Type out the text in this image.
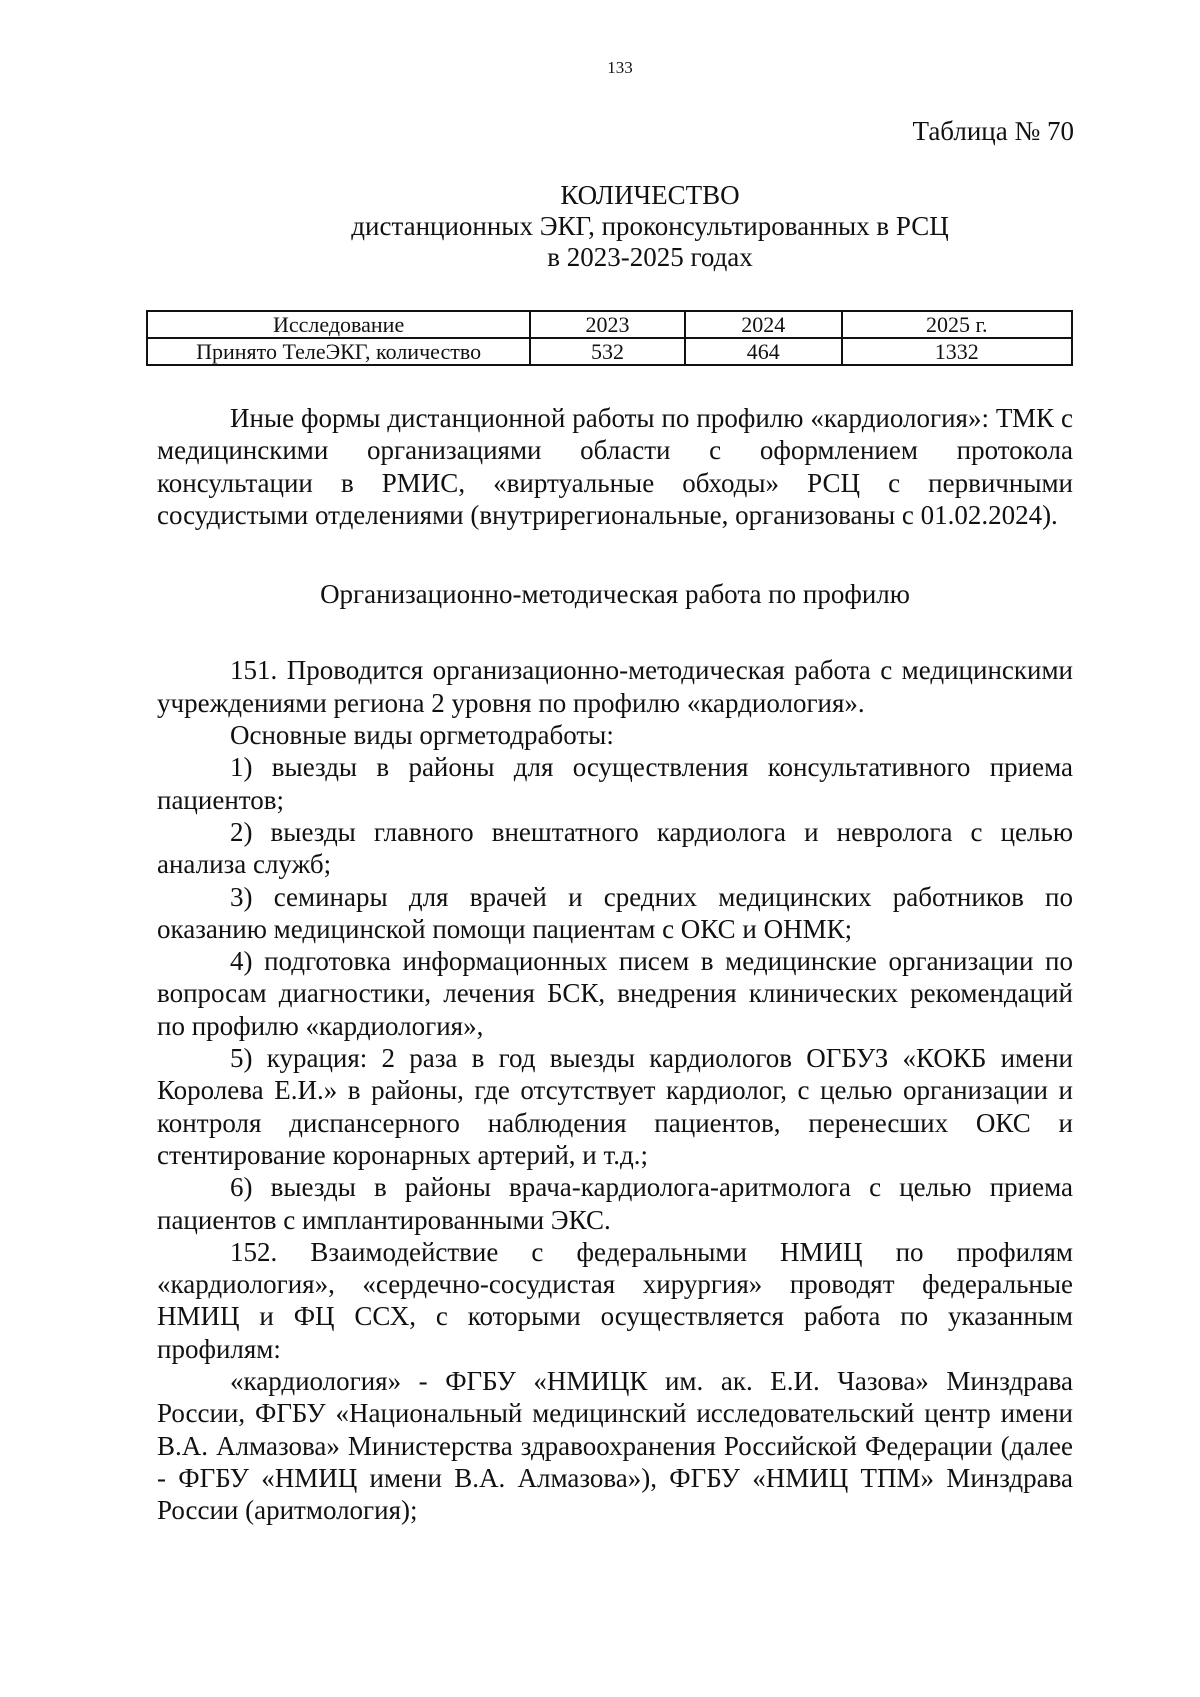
133
Таблица № 70
КОЛИЧЕСТВО
дистанционных ЭКГ, проконсультированных в РСЦ
в 2023-2025 годах
Исследование	2023	2024	2025 г.
Принято ТелеЭКГ, количество	532	464	1332

Иные формы дистанционной работы по профилю «кардиология»: ТМК с медицинскими организациями области с оформлением протокола консультации в РМИС, «виртуальные обходы» РСЦ с первичными сосудистыми отделениями (внутрирегиональные, организованы с 01.02.2024).

Организационно-методическая работа по профилю

151. Проводится организационно-методическая работа с медицинскими учреждениями региона 2 уровня по профилю «кардиология».

Основные виды оргметодработы:

1) выезды в районы для осуществления консультативного приема пациентов;

2) выезды главного внештатного кардиолога и невролога с целью анализа служб;

3) семинары для врачей и средних медицинских работников по оказанию медицинской помощи пациентам с ОКС и ОНМК;

4) подготовка информационных писем в медицинские организации по вопросам диагностики, лечения БСК, внедрения клинических рекомендаций по профилю «кардиология»,

5) курация: 2 раза в год выезды кардиологов ОГБУЗ «КОКБ имени Королева Е.И.» в районы, где отсутствует кардиолог, с целью организации и контроля диспансерного наблюдения пациентов, перенесших ОКС и стентирование коронарных артерий, и т.д.;

6) выезды в районы врача-кардиолога-аритмолога с целью приема пациентов с имплантированными ЭКС.

152. Взаимодействие с федеральными НМИЦ по профилям «кардиология», «сердечно-сосудистая хирургия» проводят федеральные НМИЦ и ФЦ ССХ, с которыми осуществляется работа по указанным профилям:

«кардиология» - ФГБУ «НМИЦК им. ак. Е.И. Чазова» Минздрава России, ФГБУ «Национальный медицинский исследовательский центр имени В.А. Алмазова» Министерства здравоохранения Российской Федерации (далее - ФГБУ «НМИЦ имени В.А. Алмазова»), ФГБУ «НМИЦ ТПМ» Минздрава России (аритмология);
